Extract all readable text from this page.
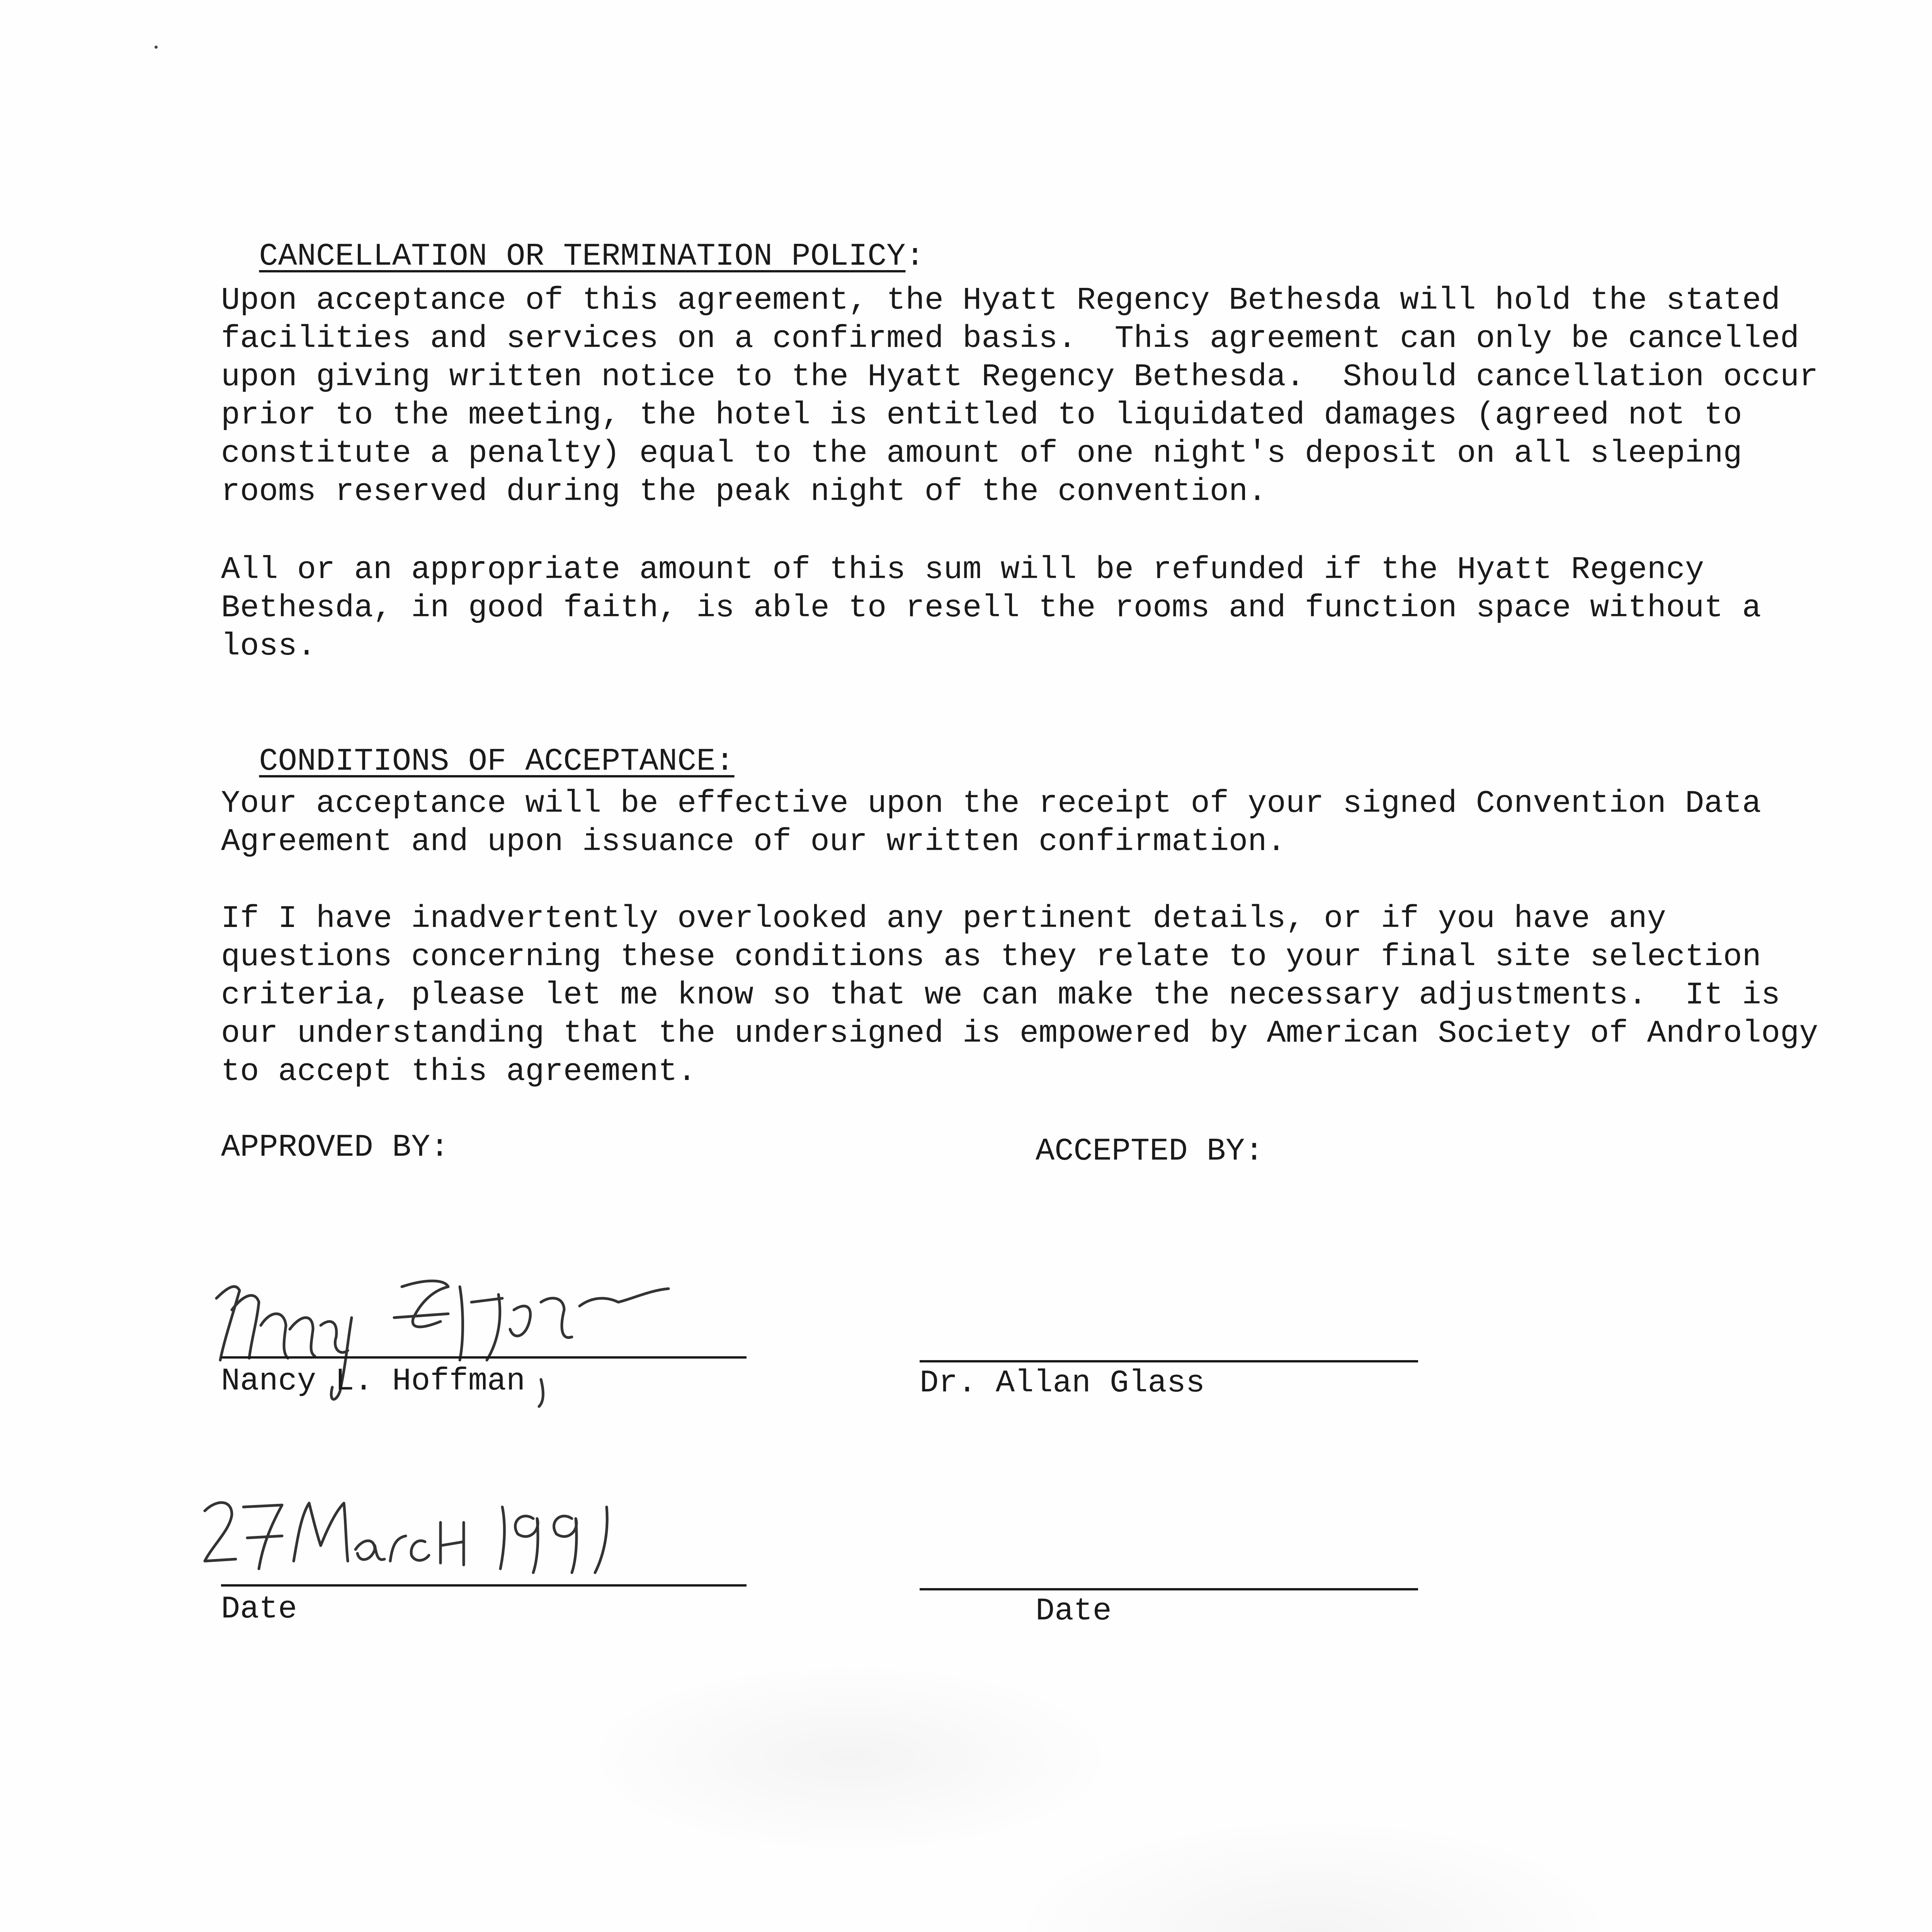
CANCELLATION OR TERMINATION POLICY:

Upon acceptance of this agreement, the Hyatt Regency Bethesda will hold the stated
facilities and services on a confirmed basis.  This agreement can only be cancelled
upon giving written notice to the Hyatt Regency Bethesda.  Should cancellation occur
prior to the meeting, the hotel is entitled to liquidated damages (agreed not to
constitute a penalty) equal to the amount of one night's deposit on all sleeping
rooms reserved during the peak night of the convention.

All or an appropriate amount of this sum will be refunded if the Hyatt Regency
Bethesda, in good faith, is able to resell the rooms and function space without a
loss.

CONDITIONS OF ACCEPTANCE:

Your acceptance will be effective upon the receipt of your signed Convention Data
Agreement and upon issuance of our written confirmation.

If I have inadvertently overlooked any pertinent details, or if you have any
questions concerning these conditions as they relate to your final site selection
criteria, please let me know so that we can make the necessary adjustments.  It is
our understanding that the undersigned is empowered by American Society of Andrology
to accept this agreement.

APPROVED BY:	ACCEPTED BY:
Nancy L. Hoffman	Dr. Allan Glass
Date	Date
